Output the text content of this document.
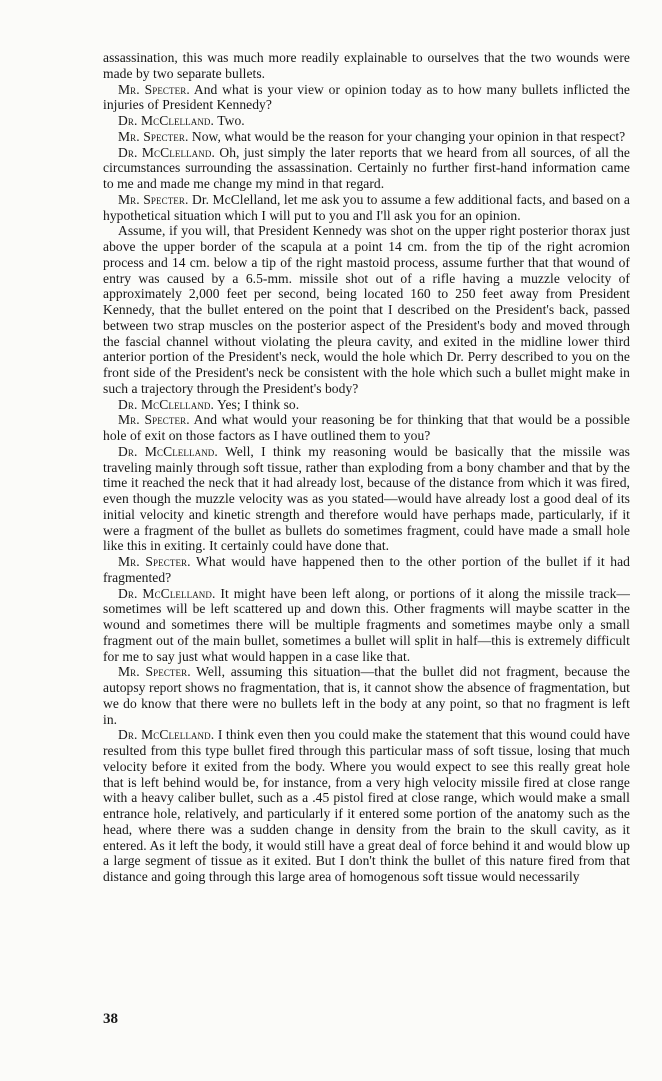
assassination, this was much more readily explainable to ourselves that the two wounds were made by two separate bullets.

Mr. Specter. And what is your view or opinion today as to how many bullets inflicted the injuries of President Kennedy?

Dr. McClelland. Two.

Mr. Specter. Now, what would be the reason for your changing your opinion in that respect?

Dr. McClelland. Oh, just simply the later reports that we heard from all sources, of all the circumstances surrounding the assassination. Certainly no further first-hand information came to me and made me change my mind in that regard.

Mr. Specter. Dr. McClelland, let me ask you to assume a few additional facts, and based on a hypothetical situation which I will put to you and I'll ask you for an opinion.

Assume, if you will, that President Kennedy was shot on the upper right posterior thorax just above the upper border of the scapula at a point 14 cm. from the tip of the right acromion process and 14 cm. below a tip of the right mastoid process, assume further that that wound of entry was caused by a 6.5-mm. missile shot out of a rifle having a muzzle velocity of approximately 2,000 feet per second, being located 160 to 250 feet away from President Kennedy, that the bullet entered on the point that I described on the President's back, passed between two strap muscles on the posterior aspect of the President's body and moved through the fascial channel without violating the pleura cavity, and exited in the midline lower third anterior portion of the President's neck, would the hole which Dr. Perry described to you on the front side of the President's neck be consistent with the hole which such a bullet might make in such a trajectory through the President's body?

Dr. McClelland. Yes; I think so.

Mr. Specter. And what would your reasoning be for thinking that that would be a possible hole of exit on those factors as I have outlined them to you?

Dr. McClelland. Well, I think my reasoning would be basically that the missile was traveling mainly through soft tissue, rather than exploding from a bony chamber and that by the time it reached the neck that it had already lost, because of the distance from which it was fired, even though the muzzle velocity was as you stated—would have already lost a good deal of its initial velocity and kinetic strength and therefore would have perhaps made, particularly, if it were a fragment of the bullet as bullets do sometimes fragment, could have made a small hole like this in exiting. It certainly could have done that.

Mr. Specter. What would have happened then to the other portion of the bullet if it had fragmented?

Dr. McClelland. It might have been left along, or portions of it along the missile track—sometimes will be left scattered up and down this. Other fragments will maybe scatter in the wound and sometimes there will be multiple fragments and sometimes maybe only a small fragment out of the main bullet, sometimes a bullet will split in half—this is extremely difficult for me to say just what would happen in a case like that.

Mr. Specter. Well, assuming this situation—that the bullet did not fragment, because the autopsy report shows no fragmentation, that is, it cannot show the absence of fragmentation, but we do know that there were no bullets left in the body at any point, so that no fragment is left in.

Dr. McClelland. I think even then you could make the statement that this wound could have resulted from this type bullet fired through this particular mass of soft tissue, losing that much velocity before it exited from the body. Where you would expect to see this really great hole that is left behind would be, for instance, from a very high velocity missile fired at close range with a heavy caliber bullet, such as a .45 pistol fired at close range, which would make a small entrance hole, relatively, and particularly if it entered some portion of the anatomy such as the head, where there was a sudden change in density from the brain to the skull cavity, as it entered. As it left the body, it would still have a great deal of force behind it and would blow up a large segment of tissue as it exited. But I don't think the bullet of this nature fired from that distance and going through this large area of homogenous soft tissue would necessarily

38
